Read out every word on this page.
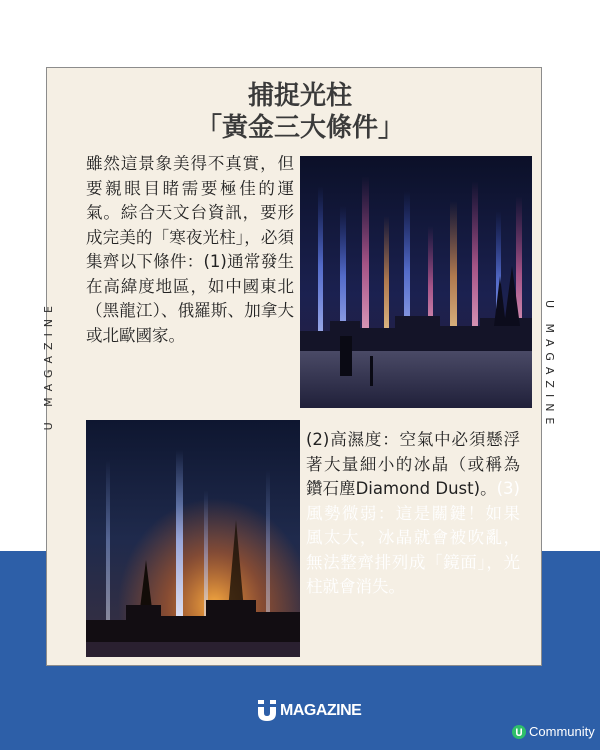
U MAGAZINE	U MAGAZINE
捕捉光柱
「黃金三大條件」
雖然這景象美得不真實，但要親眼目睹需要極佳的運氣。綜合天文台資訊，要形成完美的「寒夜光柱」，必須集齊以下條件：(1)通常發生在高緯度地區，如中國東北（黑龍江）、俄羅斯、加拿大或北歐國家。
(2)高濕度：空氣中必須懸浮著大量細小的冰晶（或稱為鑽石塵Diamond Dust)。(3) 風勢微弱：這是關鍵！如果風太大，冰晶就會被吹亂，無法整齊排列成「鏡面」，光柱就會消失。
MAGAZINE
Community
